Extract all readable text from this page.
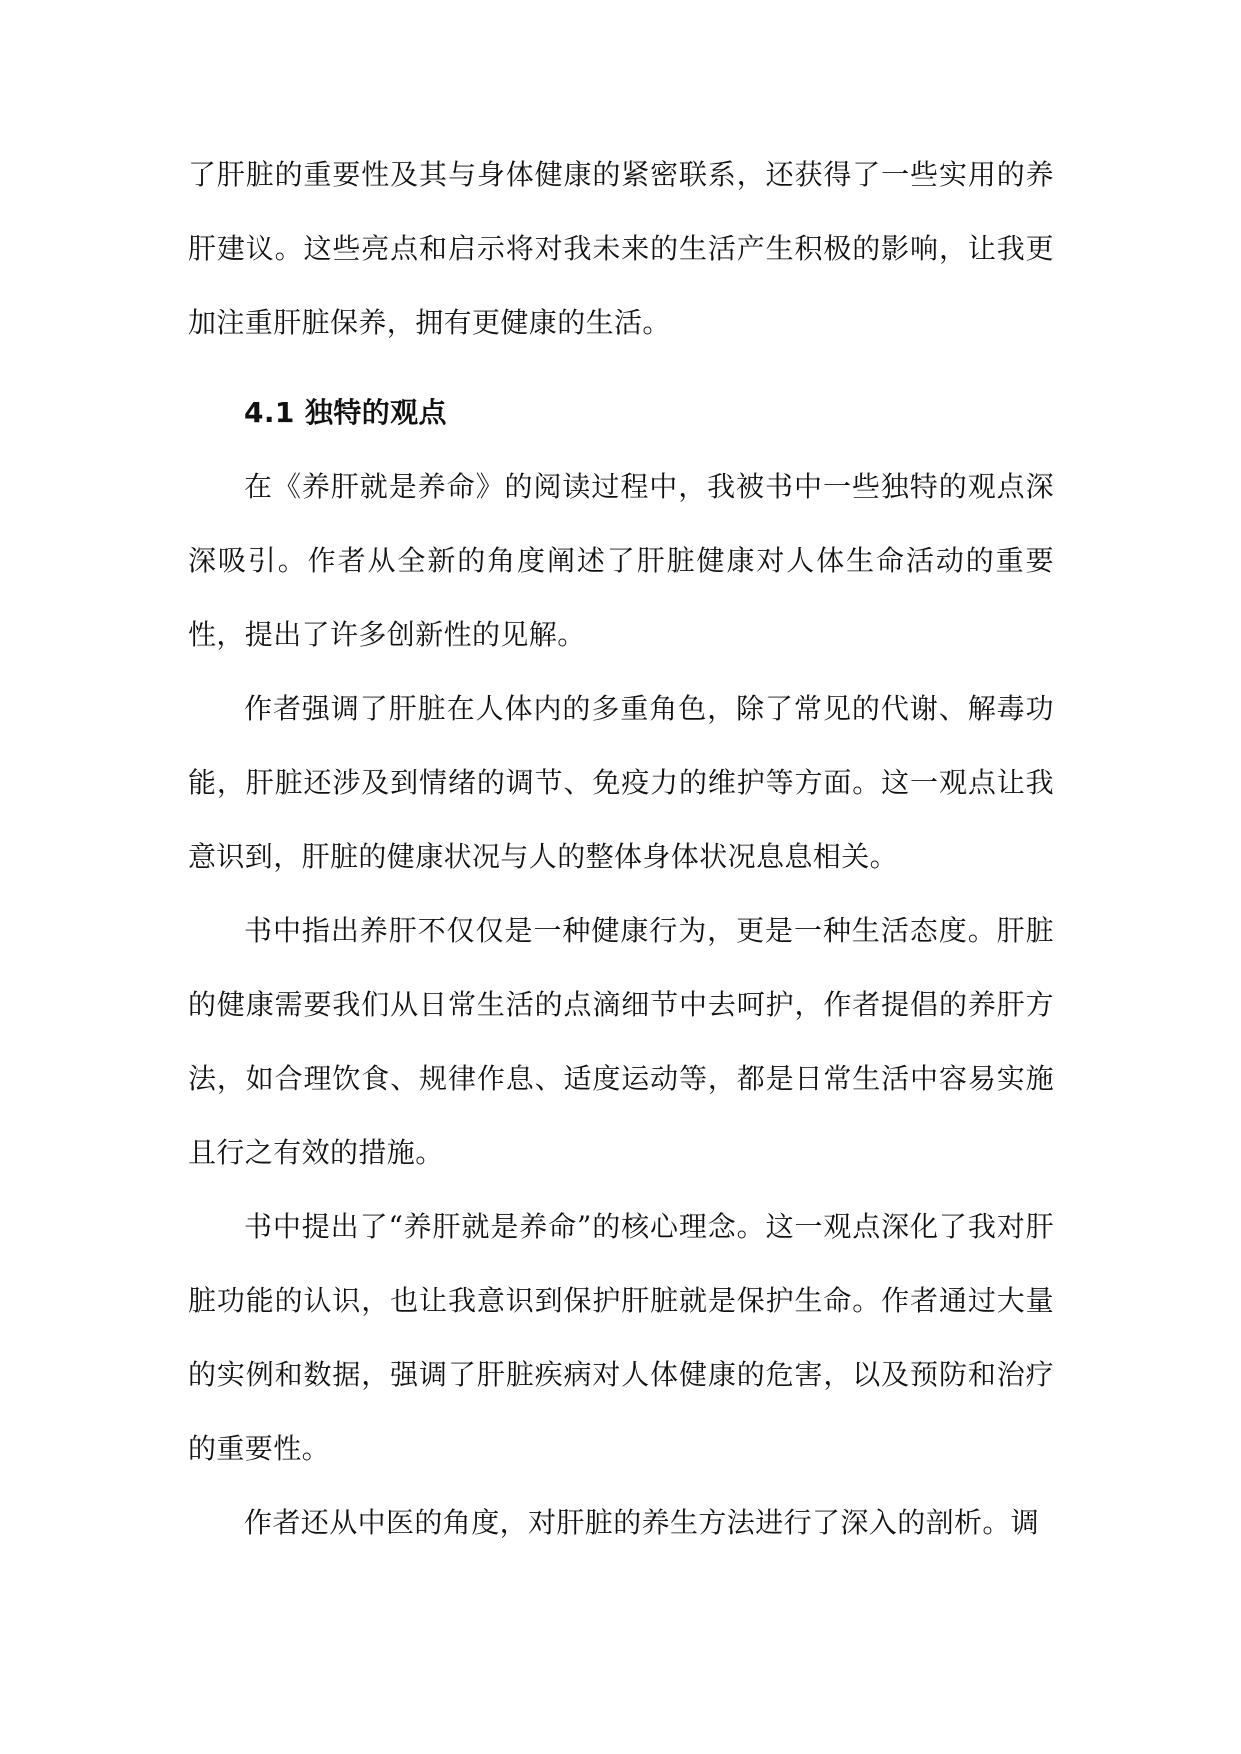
了肝脏的重要性及其与身体健康的紧密联系，还获得了一些实用的养肝建议。这些亮点和启示将对我未来的生活产生积极的影响，让我更加注重肝脏保养，拥有更健康的生活。

4.1 独特的观点

在《养肝就是养命》的阅读过程中，我被书中一些独特的观点深深吸引。作者从全新的角度阐述了肝脏健康对人体生命活动的重要性，提出了许多创新性的见解。

作者强调了肝脏在人体内的多重角色，除了常见的代谢、解毒功能，肝脏还涉及到情绪的调节、免疫力的维护等方面。这一观点让我意识到，肝脏的健康状况与人的整体身体状况息息相关。

书中指出养肝不仅仅是一种健康行为，更是一种生活态度。肝脏的健康需要我们从日常生活的点滴细节中去呵护，作者提倡的养肝方法，如合理饮食、规律作息、适度运动等，都是日常生活中容易实施且行之有效的措施。

书中提出了“养肝就是养命”的核心理念。这一观点深化了我对肝脏功能的认识，也让我意识到保护肝脏就是保护生命。作者通过大量的实例和数据，强调了肝脏疾病对人体健康的危害，以及预防和治疗的重要性。

作者还从中医的角度，对肝脏的养生方法进行了深入的剖析。调
